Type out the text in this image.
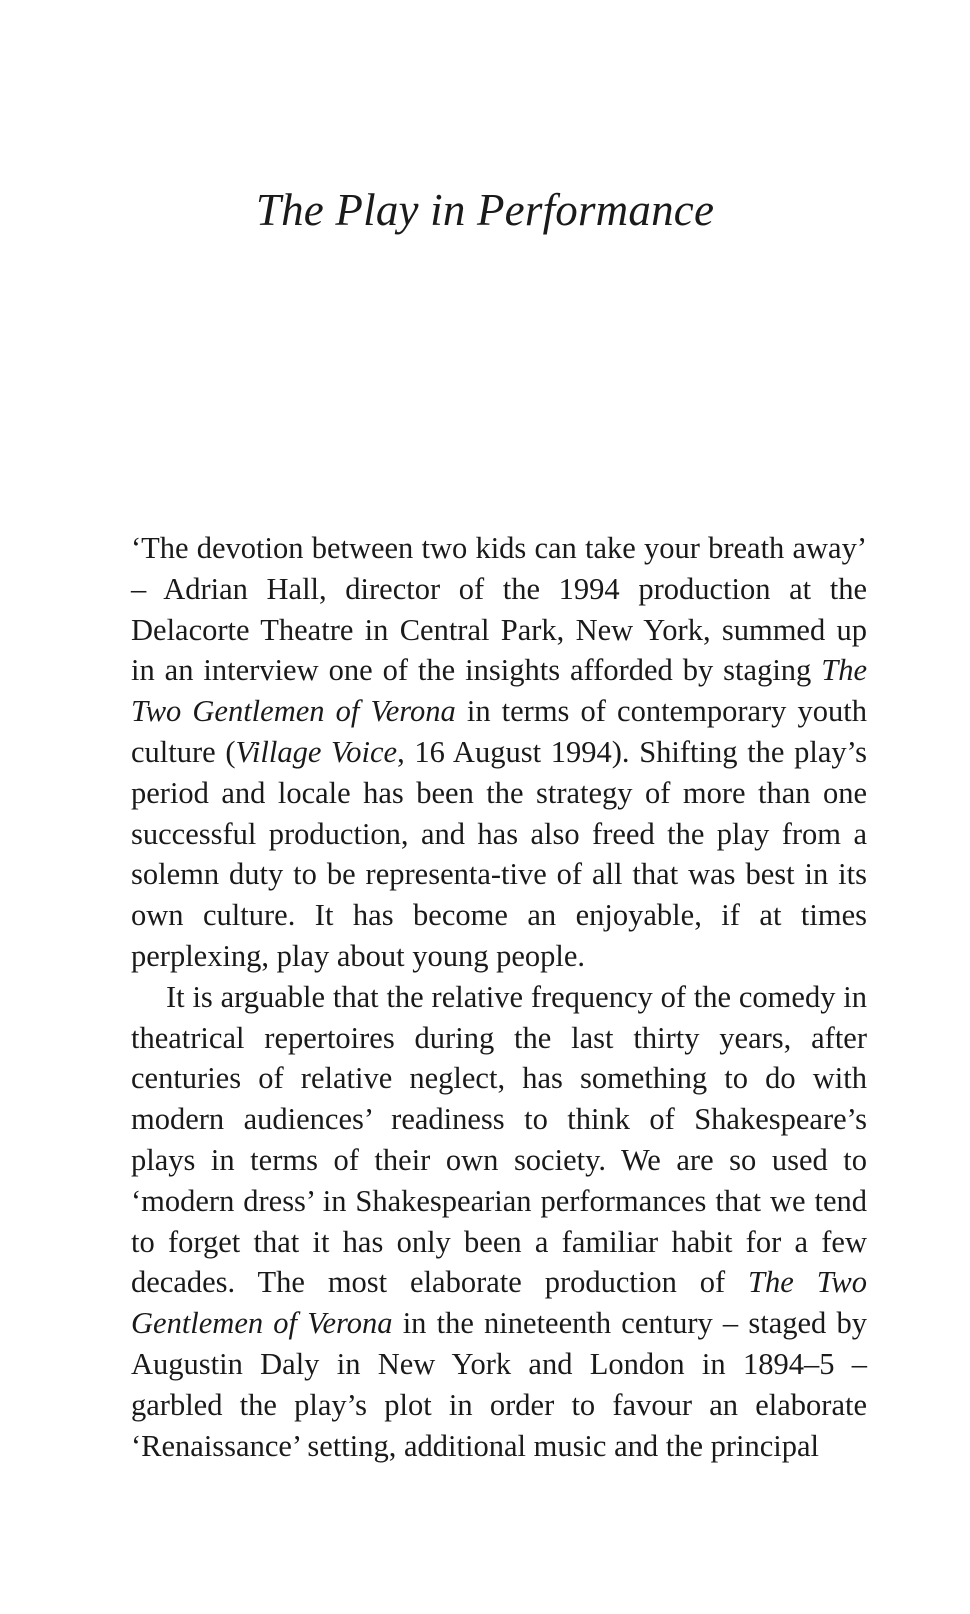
The Play in Performance

‘The devotion between two kids can take your breath away’ – Adrian Hall, director of the 1994 production at the Delacorte Theatre in Central Park, New York, summed up in an interview one of the insights afforded by staging The Two Gentlemen of Verona in terms of contemporary youth culture (Village Voice, 16 August 1994). Shifting the play’s period and locale has been the strategy of more than one successful production, and has also freed the play from a solemn duty to be representa-tive of all that was best in its own culture. It has become an enjoyable, if at times perplexing, play about young people.

It is arguable that the relative frequency of the comedy in theatrical repertoires during the last thirty years, after centuries of relative neglect, has something to do with modern audiences’ readiness to think of Shakespeare’s plays in terms of their own society. We are so used to ‘modern dress’ in Shakespearian performances that we tend to forget that it has only been a familiar habit for a few decades. The most elaborate production of The Two Gentlemen of Verona in the nineteenth century – staged by Augustin Daly in New York and London in 1894–5 – garbled the play’s plot in order to favour an elaborate ‘Renaissance’ setting, additional music and the principal
